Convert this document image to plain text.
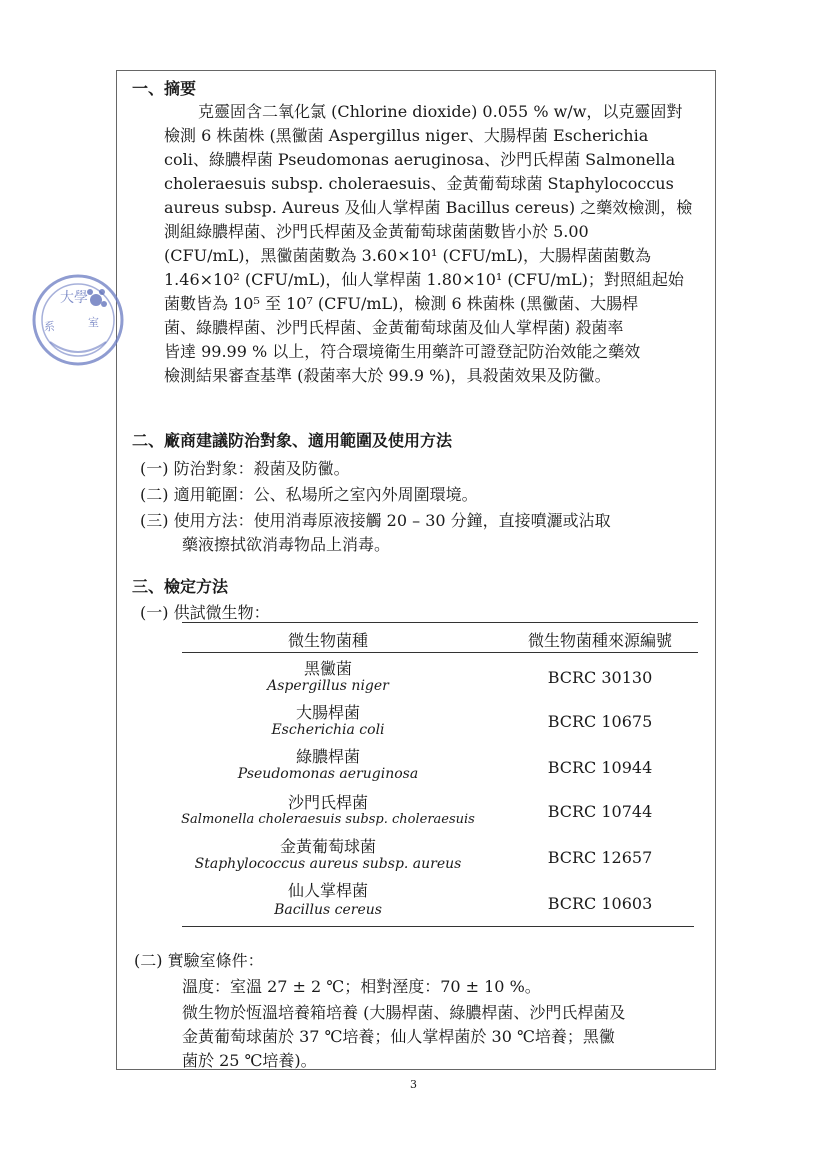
大學
系	室
一、摘要
克靈固含二氧化氯 (Chlorine dioxide) 0.055 % w/w，以克靈固對
檢測 6 株菌株 (黑黴菌 Aspergillus niger、大腸桿菌 Escherichia
coli、綠膿桿菌 Pseudomonas aeruginosa、沙門氏桿菌 Salmonella
choleraesuis subsp. choleraesuis、金黃葡萄球菌 Staphylococcus
aureus subsp. Aureus 及仙人掌桿菌 Bacillus cereus) 之藥效檢測，檢
測組綠膿桿菌、沙門氏桿菌及金黃葡萄球菌菌數皆小於 5.00
(CFU/mL)，黑黴菌菌數為 3.60×10¹ (CFU/mL)，大腸桿菌菌數為
1.46×10² (CFU/mL)，仙人掌桿菌 1.80×10¹ (CFU/mL)；對照組起始
菌數皆為 10⁵ 至 10⁷ (CFU/mL)，檢測 6 株菌株 (黑黴菌、大腸桿
菌、綠膿桿菌、沙門氏桿菌、金黃葡萄球菌及仙人掌桿菌) 殺菌率
皆達 99.99 % 以上，符合環境衛生用藥許可證登記防治效能之藥效
檢測結果審查基準 (殺菌率大於 99.9 %)，具殺菌效果及防黴。
二、廠商建議防治對象、適用範圍及使用方法
(一) 防治對象：殺菌及防黴。
(二) 適用範圍：公、私場所之室內外周圍環境。
(三) 使用方法：使用消毒原液接觸 20 – 30 分鐘，直接噴灑或沾取
藥液擦拭欲消毒物品上消毒。
三、檢定方法
(一) 供試微生物：
微生物菌種	微生物菌種來源編號
黑黴菌
Aspergillus niger	BCRC 30130
大腸桿菌
Escherichia coli	BCRC 10675
綠膿桿菌
Pseudomonas aeruginosa	BCRC 10944
沙門氏桿菌
Salmonella choleraesuis subsp. choleraesuis	BCRC 10744
金黃葡萄球菌
Staphylococcus aureus subsp. aureus	BCRC 12657
仙人掌桿菌
Bacillus cereus	BCRC 10603
(二) 實驗室條件：
溫度：室溫 27 ± 2 ℃；相對溼度：70 ± 10 %。
微生物於恆溫培養箱培養 (大腸桿菌、綠膿桿菌、沙門氏桿菌及
金黃葡萄球菌於 37 ℃培養；仙人掌桿菌於 30 ℃培養；黑黴
菌於 25 ℃培養)。
3
